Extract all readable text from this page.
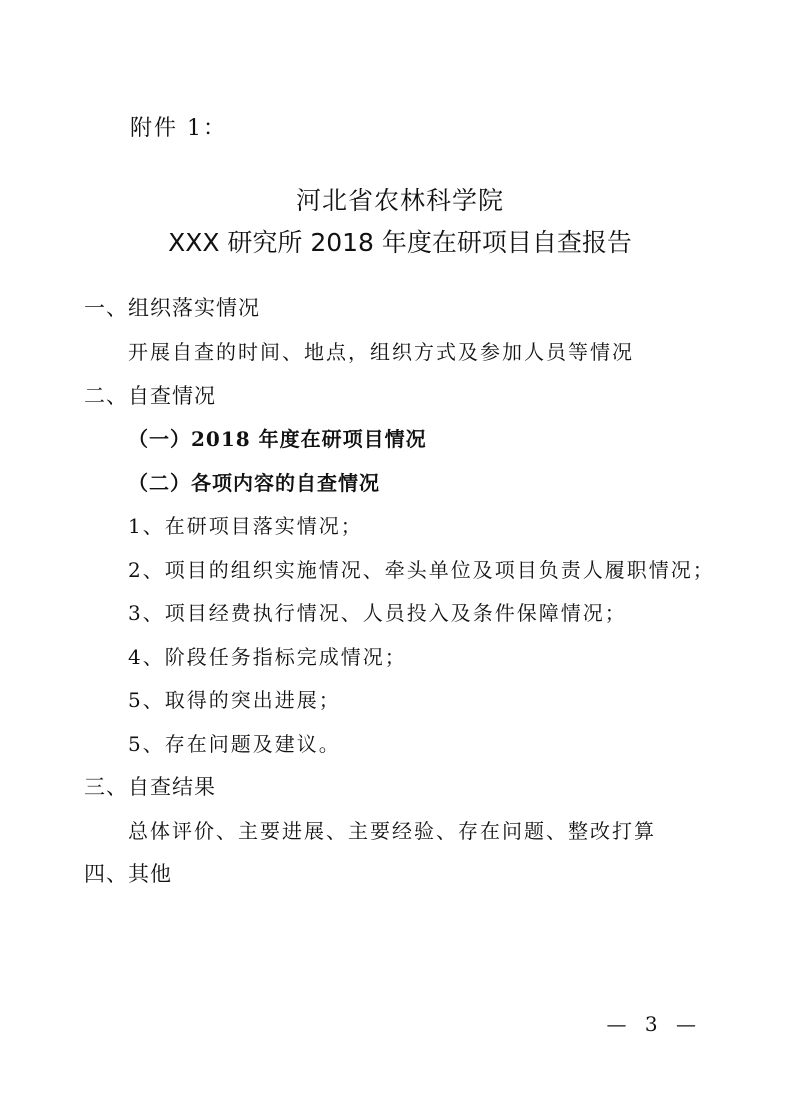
附件 1：
河北省农林科学院
XXX 研究所 2018 年度在研项目自查报告
一、组织落实情况
开展自查的时间、地点，组织方式及参加人员等情况
二、自查情况
（一）2018 年度在研项目情况
（二）各项内容的自查情况
1、在研项目落实情况；
2、项目的组织实施情况、牵头单位及项目负责人履职情况；
3、项目经费执行情况、人员投入及条件保障情况；
4、阶段任务指标完成情况；
5、取得的突出进展；
5、存在问题及建议。
三、自查结果
总体评价、主要进展、主要经验、存在问题、整改打算
四、其他
— 3 —
